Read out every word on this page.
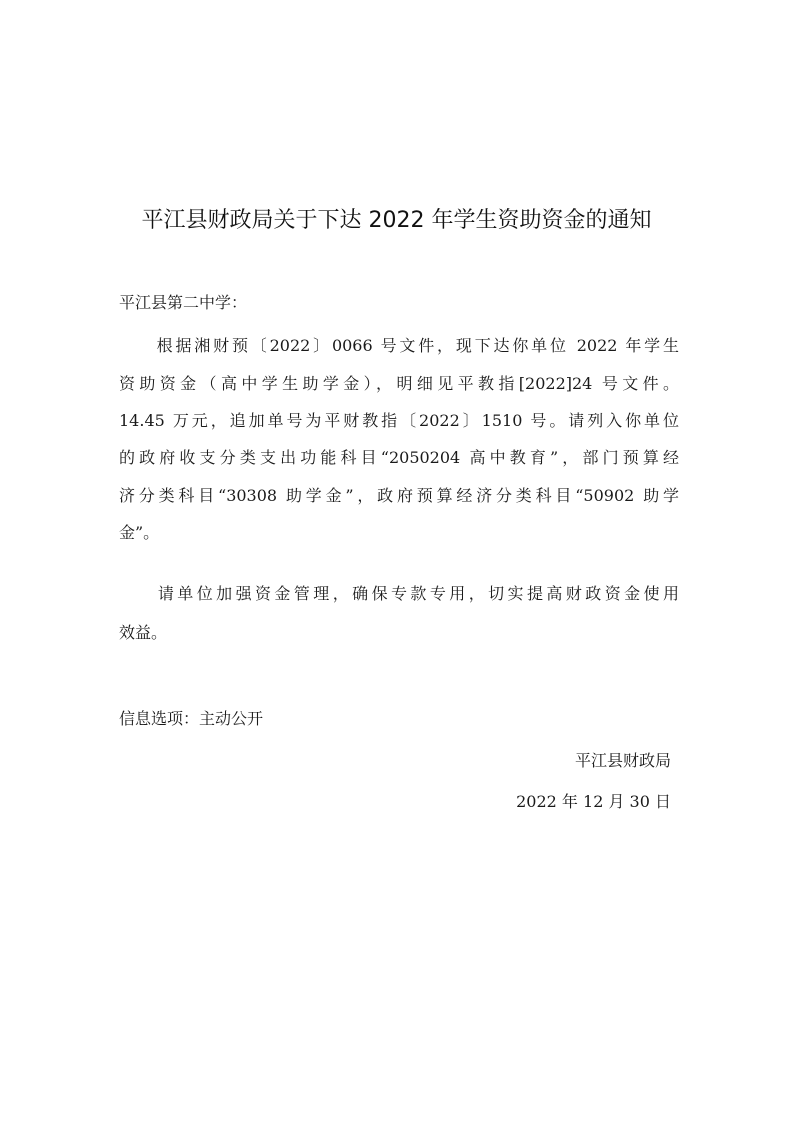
平江县财政局关于下达 2022 年学生资助资金的通知
平江县第二中学：
　　根据湘财预〔2022〕0066 号文件，现下达你单位 2022 年学生
资助资金（高中学生助学金），明细见平教指[2022]24 号文件。
14.45 万元，追加单号为平财教指〔2022〕1510 号。请列入你单位
的政府收支分类支出功能科目“2050204 高中教育”，部门预算经
济分类科目“30308 助学金”，政府预算经济分类科目“50902 助学
金”。
　　请单位加强资金管理，确保专款专用，切实提高财政资金使用
效益。
信息选项：主动公开
平江县财政局
2022 年 12 月 30 日
